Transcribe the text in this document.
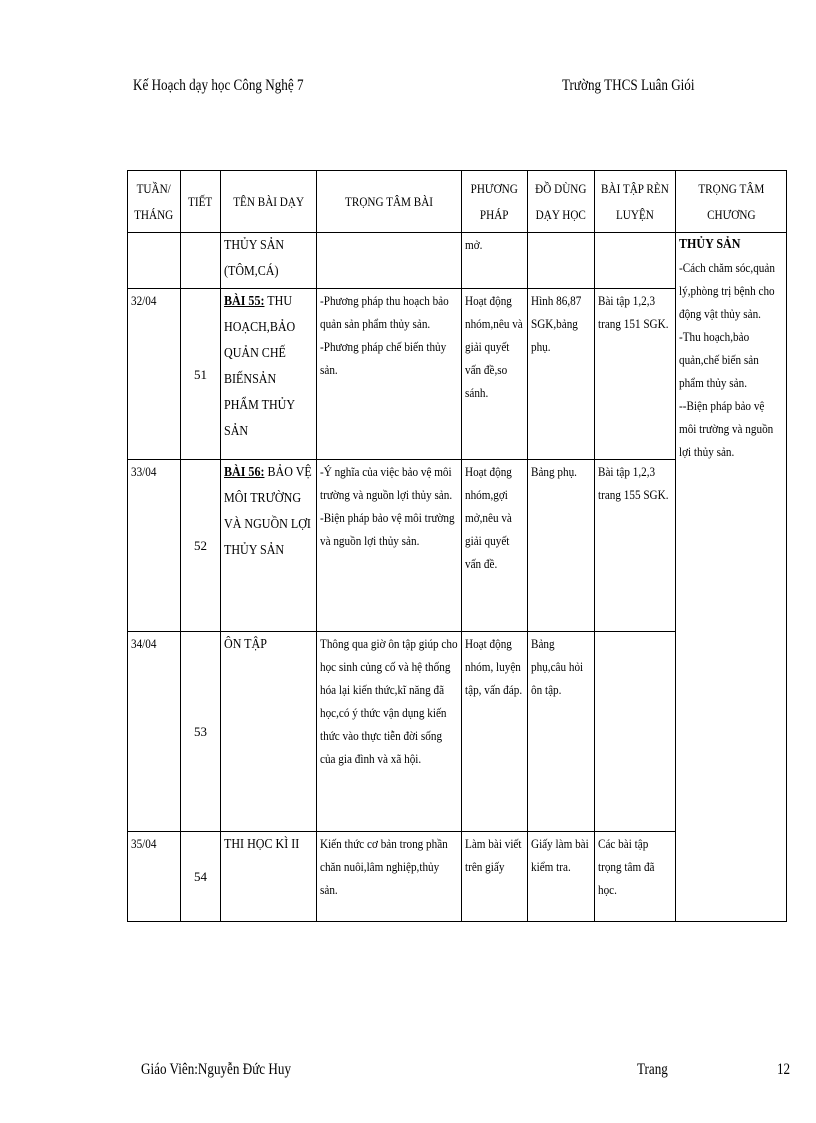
Kế Hoạch dạy học Công Nghệ 7	Trường THCS Luân Giói
TUẦN/ THÁNG	TIẾT	TÊN BÀI DẠY	TRỌNG TÂM BÀI	PHƯƠNG PHÁP	ĐỒ DÙNG DẠY HỌC	BÀI TẬP RÈN LUYỆN	TRỌNG TÂM CHƯƠNG

		THỦY SẢN (TÔM,CÁ)		mở.			THỦY SẢN
-Cách chăm sóc,quản lý,phòng trị bệnh cho động vật thủy sản.
-Thu hoạch,bảo quản,chế biến sản phẩm thủy sản.
--Biện pháp bảo vệ môi trường và nguồn lợi thủy sản.

32/04	51	BÀI 55: THU HOẠCH,BẢO QUẢN CHẾ BIẾNSẢN PHẨM THỦY SẢN	-Phương pháp thu hoạch bảo quản sản phẩm thủy sản.
-Phương pháp chế biến thủy sản.	Hoạt động nhóm,nêu và giải quyết vấn đề,so sánh.	Hình 86,87 SGK,bảng phụ.	Bài tập 1,2,3 trang 151 SGK.	

33/04	52	BÀI 56: BẢO VỆ MÔI TRƯỜNG VÀ NGUỒN LỢI THỦY SẢN	-Ý nghĩa của việc bảo vệ môi trường và nguồn lợi thủy sản.
-Biện pháp bảo vệ môi trường và nguồn lợi thủy sản.	Hoạt động nhóm,gợi mở,nêu và giải quyết vấn đề.	Bảng phụ.	Bài tập 1,2,3 trang 155 SGK.	

34/04	53	ÔN TẬP	Thông qua giờ ôn tập giúp cho học sinh củng cố và hệ thống hóa lại kiến thức,kĩ năng đã học,có ý thức vận dụng kiến thức vào thực tiễn đời sống của gia đình và xã hội.	Hoạt động nhóm, luyện tập, vấn đáp.	Bảng phụ,câu hỏi ôn tập.		

35/04	54	THI HỌC KÌ II	Kiến thức cơ bản trong phần chăn nuôi,lâm nghiệp,thủy sản.	Làm bài viết trên giấy	Giấy làm bài kiểm tra.	Các bài tập trọng tâm đã học.	
Giáo Viên:Nguyễn Đức Huy	Trang	12
